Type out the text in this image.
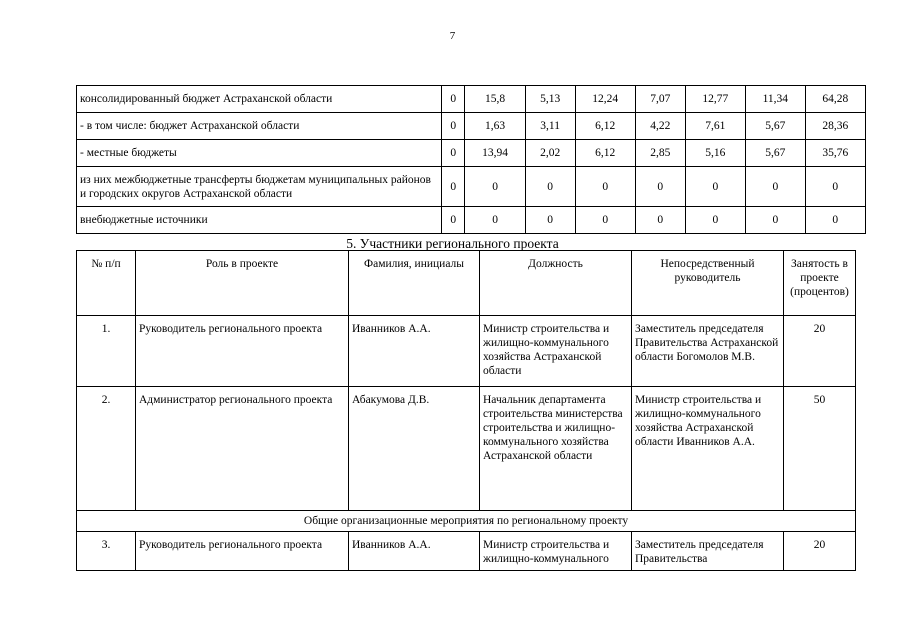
7
консолидированный бюджет Астраханской области	0	15,8	5,13	12,24	7,07	12,77	11,34	64,28
- в том числе: бюджет Астраханской области	0	1,63	3,11	6,12	4,22	7,61	5,67	28,36
- местные бюджеты	0	13,94	2,02	6,12	2,85	5,16	5,67	35,76
из них межбюджетные трансферты бюджетам муниципальных районов и городских округов Астраханской области	0	0	0	0	0	0	0	0
внебюджетные источники	0	0	0	0	0	0	0	0
5. Участники регионального проекта
№ п/п	Роль в проекте	Фамилия, инициалы	Должность	Непосредственный руководитель	Занятость в проекте (процентов)
1.	Руководитель регионального проекта	Иванников А.А.	Министр строительства и жилищно-коммунального хозяйства Астраханской области	Заместитель председателя Правительства Астраханской области Богомолов М.В.	20
2.	Администратор регионального проекта	Абакумова Д.В.	Начальник департамента строительства министерства строительства и жилищно-коммунального хозяйства Астраханской области	Министр строительства и жилищно-коммунального хозяйства Астраханской области Иванников А.А.	50
Общие организационные мероприятия по региональному проекту					
3.	Руководитель регионального проекта	Иванников А.А.	Министр строительства и жилищно-коммунального	Заместитель председателя Правительства	20
